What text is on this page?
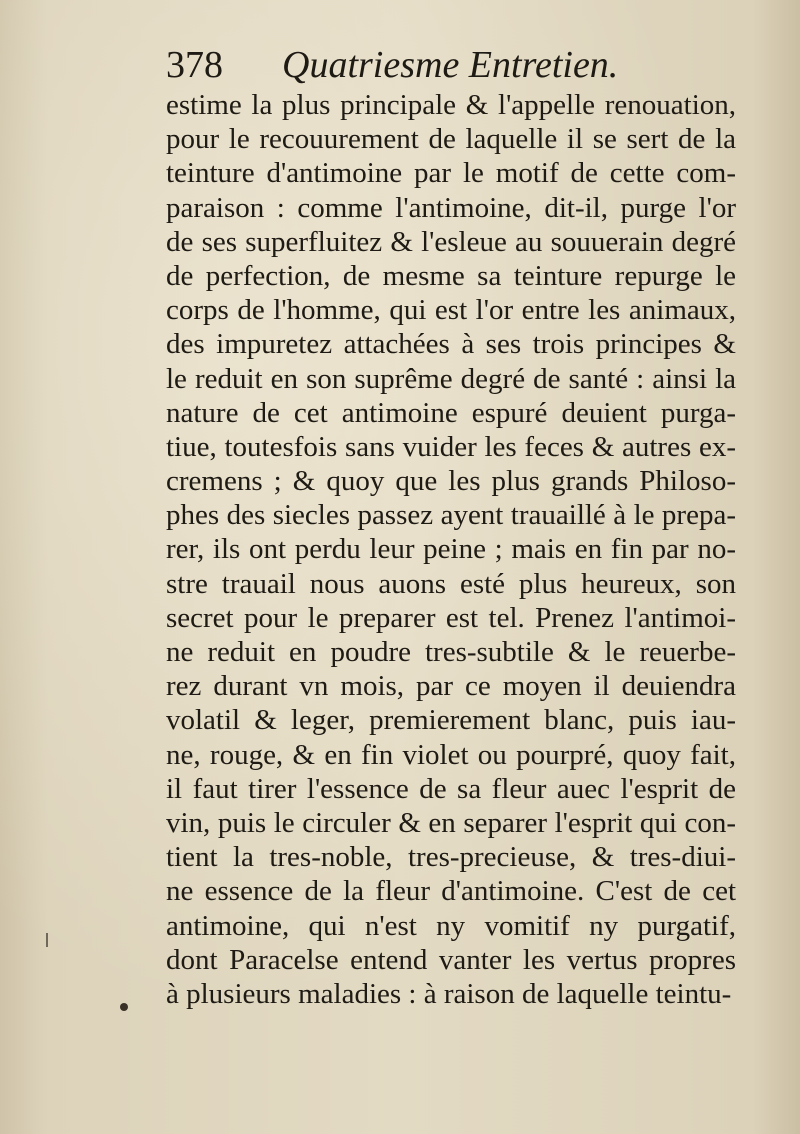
378 Quatriesme Entretien.
estime la plus principale & l'appelle renouation,
pour le recouurement de laquelle il se sert de la
teinture d'antimoine par le motif de cette com-
paraison : comme l'antimoine, dit-il, purge l'or
de ses superfluitez & l'esleue au souuerain degré
de perfection, de mesme sa teinture repurge le
corps de l'homme, qui est l'or entre les animaux,
des impuretez attachées à ses trois principes &
le reduit en son suprême degré de santé : ainsi la
nature de cet antimoine espuré deuient purga-
tiue, toutesfois sans vuider les feces & autres ex-
cremens ; & quoy que les plus grands Philoso-
phes des siecles passez ayent trauaillé à le prepa-
rer, ils ont perdu leur peine ; mais en fin par no-
stre trauail nous auons esté plus heureux, son
secret pour le preparer est tel. Prenez l'antimoi-
ne reduit en poudre tres-subtile & le reuerbe-
rez durant vn mois, par ce moyen il deuiendra
volatil & leger, premierement blanc, puis iau-
ne, rouge, & en fin violet ou pourpré, quoy fait,
il faut tirer l'essence de sa fleur auec l'esprit de
vin, puis le circuler & en separer l'esprit qui con-
tient la tres-noble, tres-precieuse, & tres-diui-
ne essence de la fleur d'antimoine. C'est de cet
antimoine, qui n'est ny vomitif ny purgatif,
dont Paracelse entend vanter les vertus propres
à plusieurs maladies : à raison de laquelle teintu-
